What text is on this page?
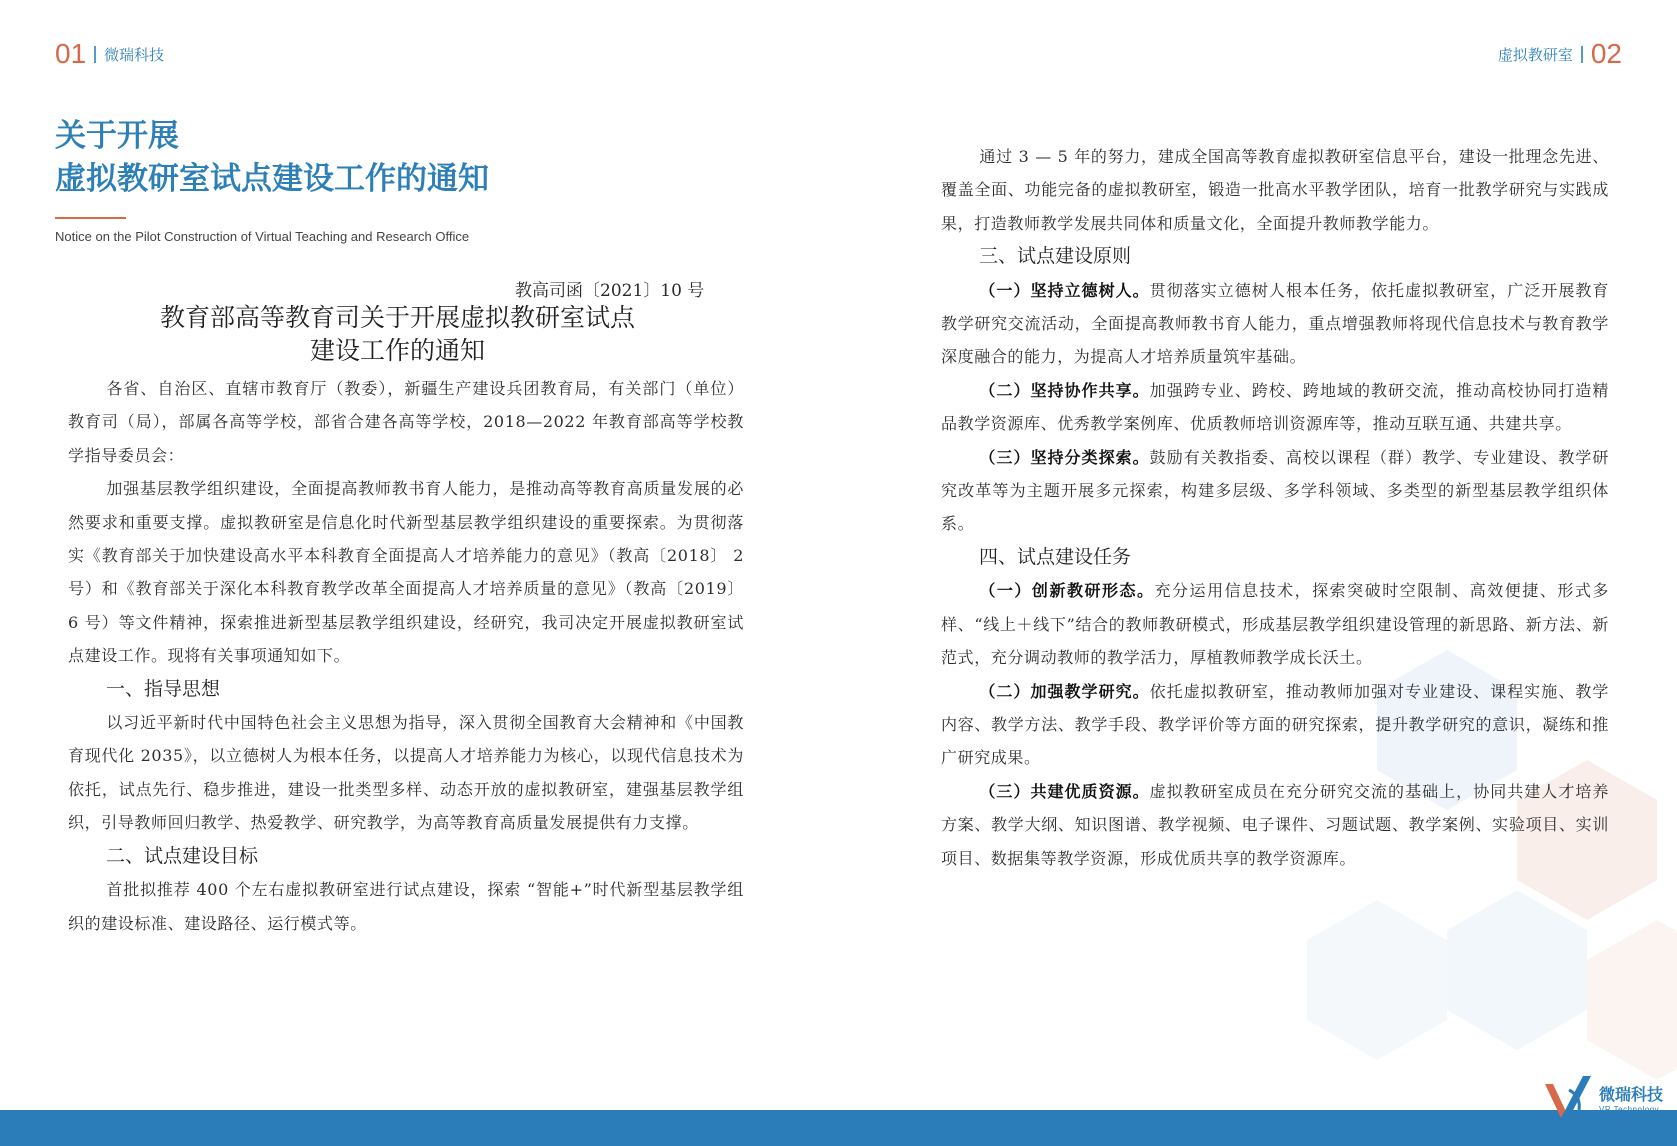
01 微瑞科技
关于开展
虚拟教研室试点建设工作的通知
Notice on the Pilot Construction of Virtual Teaching and Research Office
教高司函〔2021〕10 号
教育部高等教育司关于开展虚拟教研室试点
建设工作的通知

各省、自治区、直辖市教育厅（教委），新疆生产建设兵团教育局，有关部门（单位） 教育司（局），部属各高等学校，部省合建各高等学校，2018—2022 年教育部高等学校教学指导委员会：

加强基层教学组织建设，全面提高教师教书育人能力，是推动高等教育高质量发展的必然要求和重要支撑。虚拟教研室是信息化时代新型基层教学组织建设的重要探索。为贯彻落实《教育部关于加快建设高水平本科教育全面提高人才培养能力的意见》（教高〔2018〕 2 号）和《教育部关于深化本科教育教学改革全面提高人才培养质量的意见》（教高〔2019〕6 号）等文件精神，探索推进新型基层教学组织建设，经研究，我司决定开展虚拟教研室试点建设工作。现将有关事项通知如下。

一、指导思想

以习近平新时代中国特色社会主义思想为指导，深入贯彻全国教育大会精神和《中国教育现代化 2035》，以立德树人为根本任务，以提高人才培养能力为核心，以现代信息技术为依托，试点先行、稳步推进，建设一批类型多样、动态开放的虚拟教研室，建强基层教学组织，引导教师回归教学、热爱教学、研究教学，为高等教育高质量发展提供有力支撑。

二、试点建设目标

首批拟推荐 400 个左右虚拟教研室进行试点建设，探索 “智能+”时代新型基层教学组织的建设标准、建设路径、运行模式等。

虚拟教研室 02

通过 3 — 5 年的努力，建成全国高等教育虚拟教研室信息平台，建设一批理念先进、覆盖全面、功能完备的虚拟教研室，锻造一批高水平教学团队，培育一批教学研究与实践成果，打造教师教学发展共同体和质量文化，全面提升教师教学能力。

三、试点建设原则

（一）坚持立德树人。贯彻落实立德树人根本任务，依托虚拟教研室，广泛开展教育教学研究交流活动，全面提高教师教书育人能力，重点增强教师将现代信息技术与教育教学深度融合的能力，为提高人才培养质量筑牢基础。

（二）坚持协作共享。加强跨专业、跨校、跨地域的教研交流，推动高校协同打造精品教学资源库、优秀教学案例库、优质教师培训资源库等，推动互联互通、共建共享。

（三）坚持分类探索。鼓励有关教指委、高校以课程（群）教学、专业建设、教学研究改革等为主题开展多元探索，构建多层级、多学科领域、多类型的新型基层教学组织体系。

四、试点建设任务

（一）创新教研形态。充分运用信息技术，探索突破时空限制、高效便捷、形式多样、“线上＋线下”结合的教师教研模式，形成基层教学组织建设管理的新思路、新方法、新范式，充分调动教师的教学活力，厚植教师教学成长沃土。

（二）加强教学研究。依托虚拟教研室，推动教师加强对专业建设、课程实施、教学内容、教学方法、教学手段、教学评价等方面的研究探索，提升教学研究的意识，凝练和推广研究成果。

（三）共建优质资源。虚拟教研室成员在充分研究交流的基础上，协同共建人才培养方案、教学大纲、知识图谱、教学视频、电子课件、习题试题、教学案例、实验项目、实训项目、数据集等教学资源，形成优质共享的教学资源库。

微瑞科技
VR Technology
